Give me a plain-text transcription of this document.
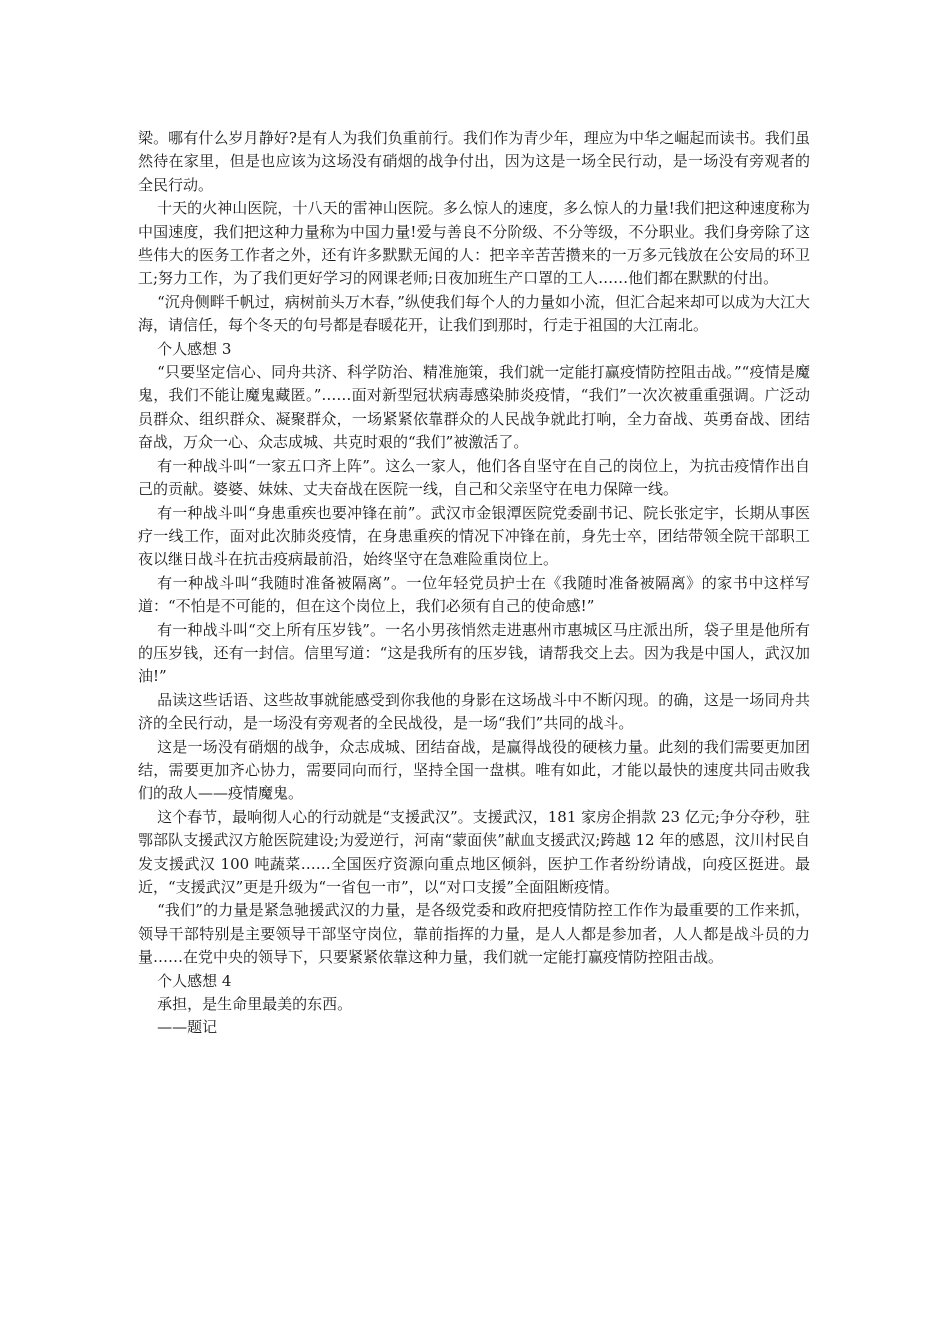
梁。哪有什么岁月静好?是有人为我们负重前行。我们作为青少年，理应为中华之崛起而读书。我们虽然待在家里，但是也应该为这场没有硝烟的战争付出，因为这是一场全民行动，是一场没有旁观者的全民行动。

十天的火神山医院，十八天的雷神山医院。多么惊人的速度，多么惊人的力量!我们把这种速度称为中国速度，我们把这种力量称为中国力量!爱与善良不分阶级、不分等级，不分职业。我们身旁除了这些伟大的医务工作者之外，还有许多默默无闻的人：把辛辛苦苦攒来的一万多元钱放在公安局的环卫工;努力工作，为了我们更好学习的网课老师;日夜加班生产口罩的工人……他们都在默默的付出。

“沉舟侧畔千帆过，病树前头万木春，”纵使我们每个人的力量如小流，但汇合起来却可以成为大江大海，请信任，每个冬天的句号都是春暖花开，让我们到那时，行走于祖国的大江南北。

个人感想 3

“只要坚定信心、同舟共济、科学防治、精准施策，我们就一定能打赢疫情防控阻击战。”“疫情是魔鬼，我们不能让魔鬼藏匿。”……面对新型冠状病毒感染肺炎疫情，“我们”一次次被重重强调。广泛动员群众、组织群众、凝聚群众，一场紧紧依靠群众的人民战争就此打响，全力奋战、英勇奋战、团结奋战，万众一心、众志成城、共克时艰的“我们”被激活了。

有一种战斗叫“一家五口齐上阵”。这么一家人，他们各自坚守在自己的岗位上，为抗击疫情作出自己的贡献。婆婆、妹妹、丈夫奋战在医院一线，自己和父亲坚守在电力保障一线。

有一种战斗叫“身患重疾也要冲锋在前”。武汉市金银潭医院党委副书记、院长张定宇，长期从事医疗一线工作，面对此次肺炎疫情，在身患重疾的情况下冲锋在前，身先士卒，团结带领全院干部职工夜以继日战斗在抗击疫病最前沿，始终坚守在急难险重岗位上。

有一种战斗叫“我随时准备被隔离”。一位年轻党员护士在《我随时准备被隔离》的家书中这样写道：“不怕是不可能的，但在这个岗位上，我们必须有自己的使命感!”

有一种战斗叫“交上所有压岁钱”。一名小男孩悄然走进惠州市惠城区马庄派出所，袋子里是他所有的压岁钱，还有一封信。信里写道：“这是我所有的压岁钱，请帮我交上去。因为我是中国人，武汉加油!”

品读这些话语、这些故事就能感受到你我他的身影在这场战斗中不断闪现。的确，这是一场同舟共济的全民行动，是一场没有旁观者的全民战役，是一场“我们”共同的战斗。

这是一场没有硝烟的战争，众志成城、团结奋战，是赢得战役的硬核力量。此刻的我们需要更加团结，需要更加齐心协力，需要同向而行，坚持全国一盘棋。唯有如此，才能以最快的速度共同击败我们的敌人——疫情魔鬼。

这个春节，最响彻人心的行动就是“支援武汉”。支援武汉，181 家房企捐款 23 亿元;争分夺秒，驻鄂部队支援武汉方舱医院建设;为爱逆行，河南“蒙面侠”献血支援武汉;跨越 12 年的感恩，汶川村民自发支援武汉 100 吨蔬菜……全国医疗资源向重点地区倾斜，医护工作者纷纷请战，向疫区挺进。最近，“支援武汉”更是升级为“一省包一市”，以“对口支援”全面阻断疫情。

“我们”的力量是紧急驰援武汉的力量，是各级党委和政府把疫情防控工作作为最重要的工作来抓，领导干部特别是主要领导干部坚守岗位，靠前指挥的力量，是人人都是参加者，人人都是战斗员的力量……在党中央的领导下，只要紧紧依靠这种力量，我们就一定能打赢疫情防控阻击战。

个人感想 4

承担，是生命里最美的东西。

——题记
